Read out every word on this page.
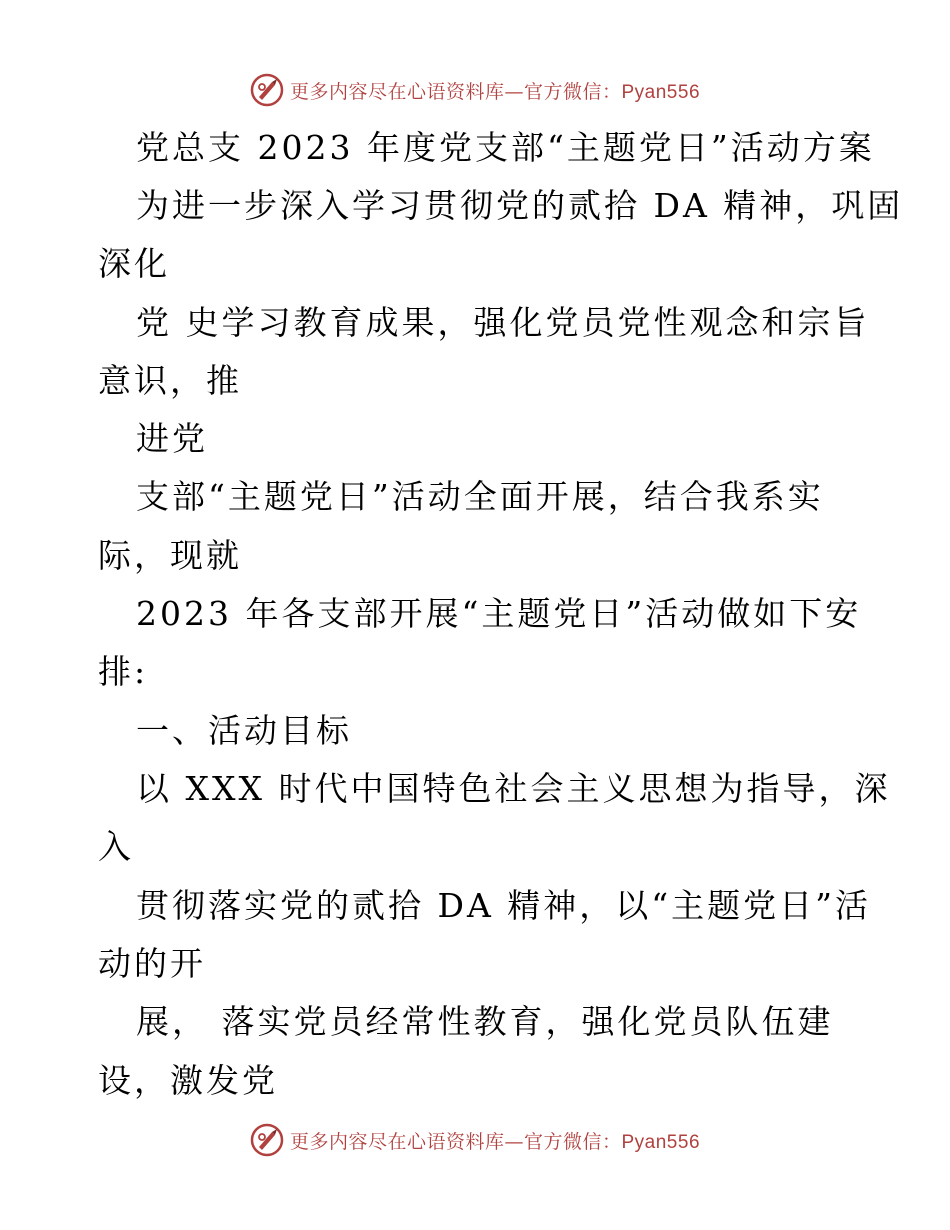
更多内容尽在心语资料库—官方微信：Pyan556
党总支 2023 年度党支部“主题党日”活动方案
为进一步深入学习贯彻党的贰拾 DA 精神，巩固
深化
党 史学习教育成果，强化党员党性观念和宗旨
意识，推
进党
支部“主题党日”活动全面开展，结合我系实
际，现就
2023 年各支部开展“主题党日”活动做如下安
排:
一、活动目标
以 XXX 时代中国特色社会主义思想为指导，深
入
贯彻落实党的贰拾 DA 精神，以“主题党日”活
动的开
展， 落实党员经常性教育，强化党员队伍建
设，激发党
更多内容尽在心语资料库—官方微信：Pyan556
